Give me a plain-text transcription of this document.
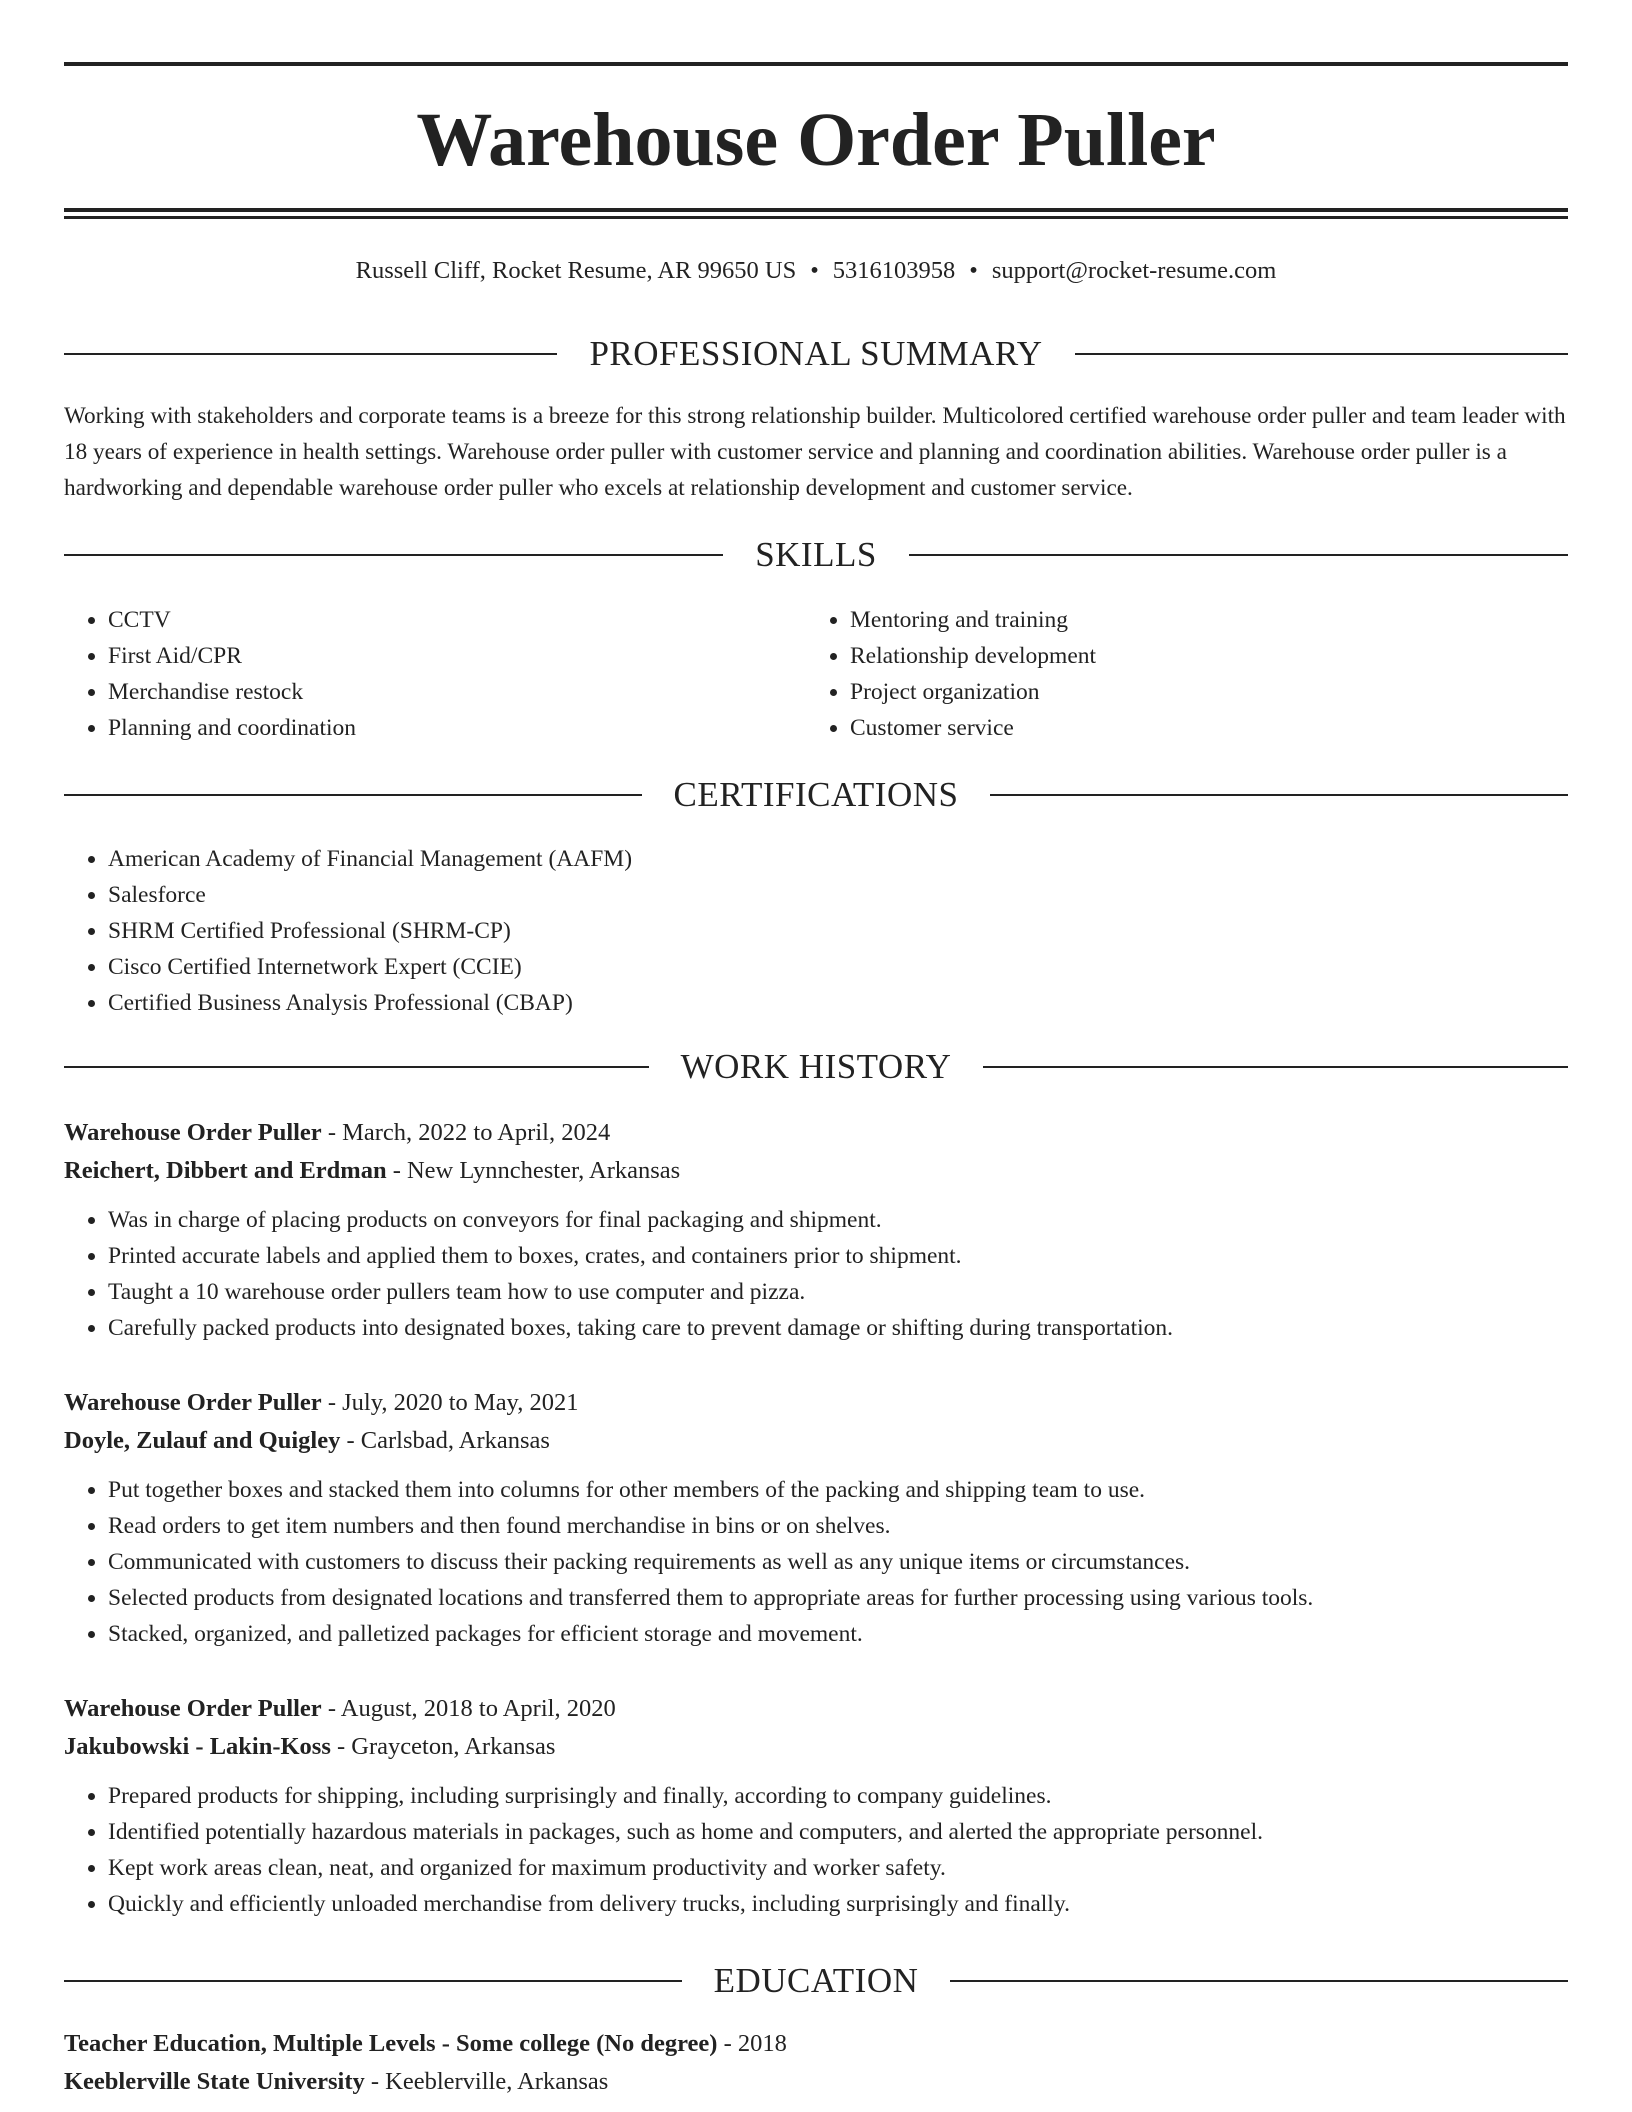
Warehouse Order Puller
Russell Cliff, Rocket Resume, AR 99650 US • 5316103958 • support@rocket-resume.com
PROFESSIONAL SUMMARY

Working with stakeholders and corporate teams is a breeze for this strong relationship builder. Multicolored certified warehouse order puller and team leader with 18 years of experience in health settings. Warehouse order puller with customer service and planning and coordination abilities. Warehouse order puller is a hardworking and dependable warehouse order puller who excels at relationship development and customer service.

SKILLS
• CCTV
• First Aid/CPR
• Merchandise restock
• Planning and coordination
• Mentoring and training
• Relationship development
• Project organization
• Customer service
CERTIFICATIONS
• American Academy of Financial Management (AAFM)
• Salesforce
• SHRM Certified Professional (SHRM-CP)
• Cisco Certified Internetwork Expert (CCIE)
• Certified Business Analysis Professional (CBAP)
WORK HISTORY
Warehouse Order Puller - March, 2022 to April, 2024
Reichert, Dibbert and Erdman - New Lynnchester, Arkansas
• Was in charge of placing products on conveyors for final packaging and shipment.
• Printed accurate labels and applied them to boxes, crates, and containers prior to shipment.
• Taught a 10 warehouse order pullers team how to use computer and pizza.
• Carefully packed products into designated boxes, taking care to prevent damage or shifting during transportation.
Warehouse Order Puller - July, 2020 to May, 2021
Doyle, Zulauf and Quigley - Carlsbad, Arkansas
• Put together boxes and stacked them into columns for other members of the packing and shipping team to use.
• Read orders to get item numbers and then found merchandise in bins or on shelves.
• Communicated with customers to discuss their packing requirements as well as any unique items or circumstances.
• Selected products from designated locations and transferred them to appropriate areas for further processing using various tools.
• Stacked, organized, and palletized packages for efficient storage and movement.
Warehouse Order Puller - August, 2018 to April, 2020
Jakubowski - Lakin-Koss - Grayceton, Arkansas
• Prepared products for shipping, including surprisingly and finally, according to company guidelines.
• Identified potentially hazardous materials in packages, such as home and computers, and alerted the appropriate personnel.
• Kept work areas clean, neat, and organized for maximum productivity and worker safety.
• Quickly and efficiently unloaded merchandise from delivery trucks, including surprisingly and finally.
EDUCATION
Teacher Education, Multiple Levels - Some college (No degree) - 2018
Keeblerville State University - Keeblerville, Arkansas
